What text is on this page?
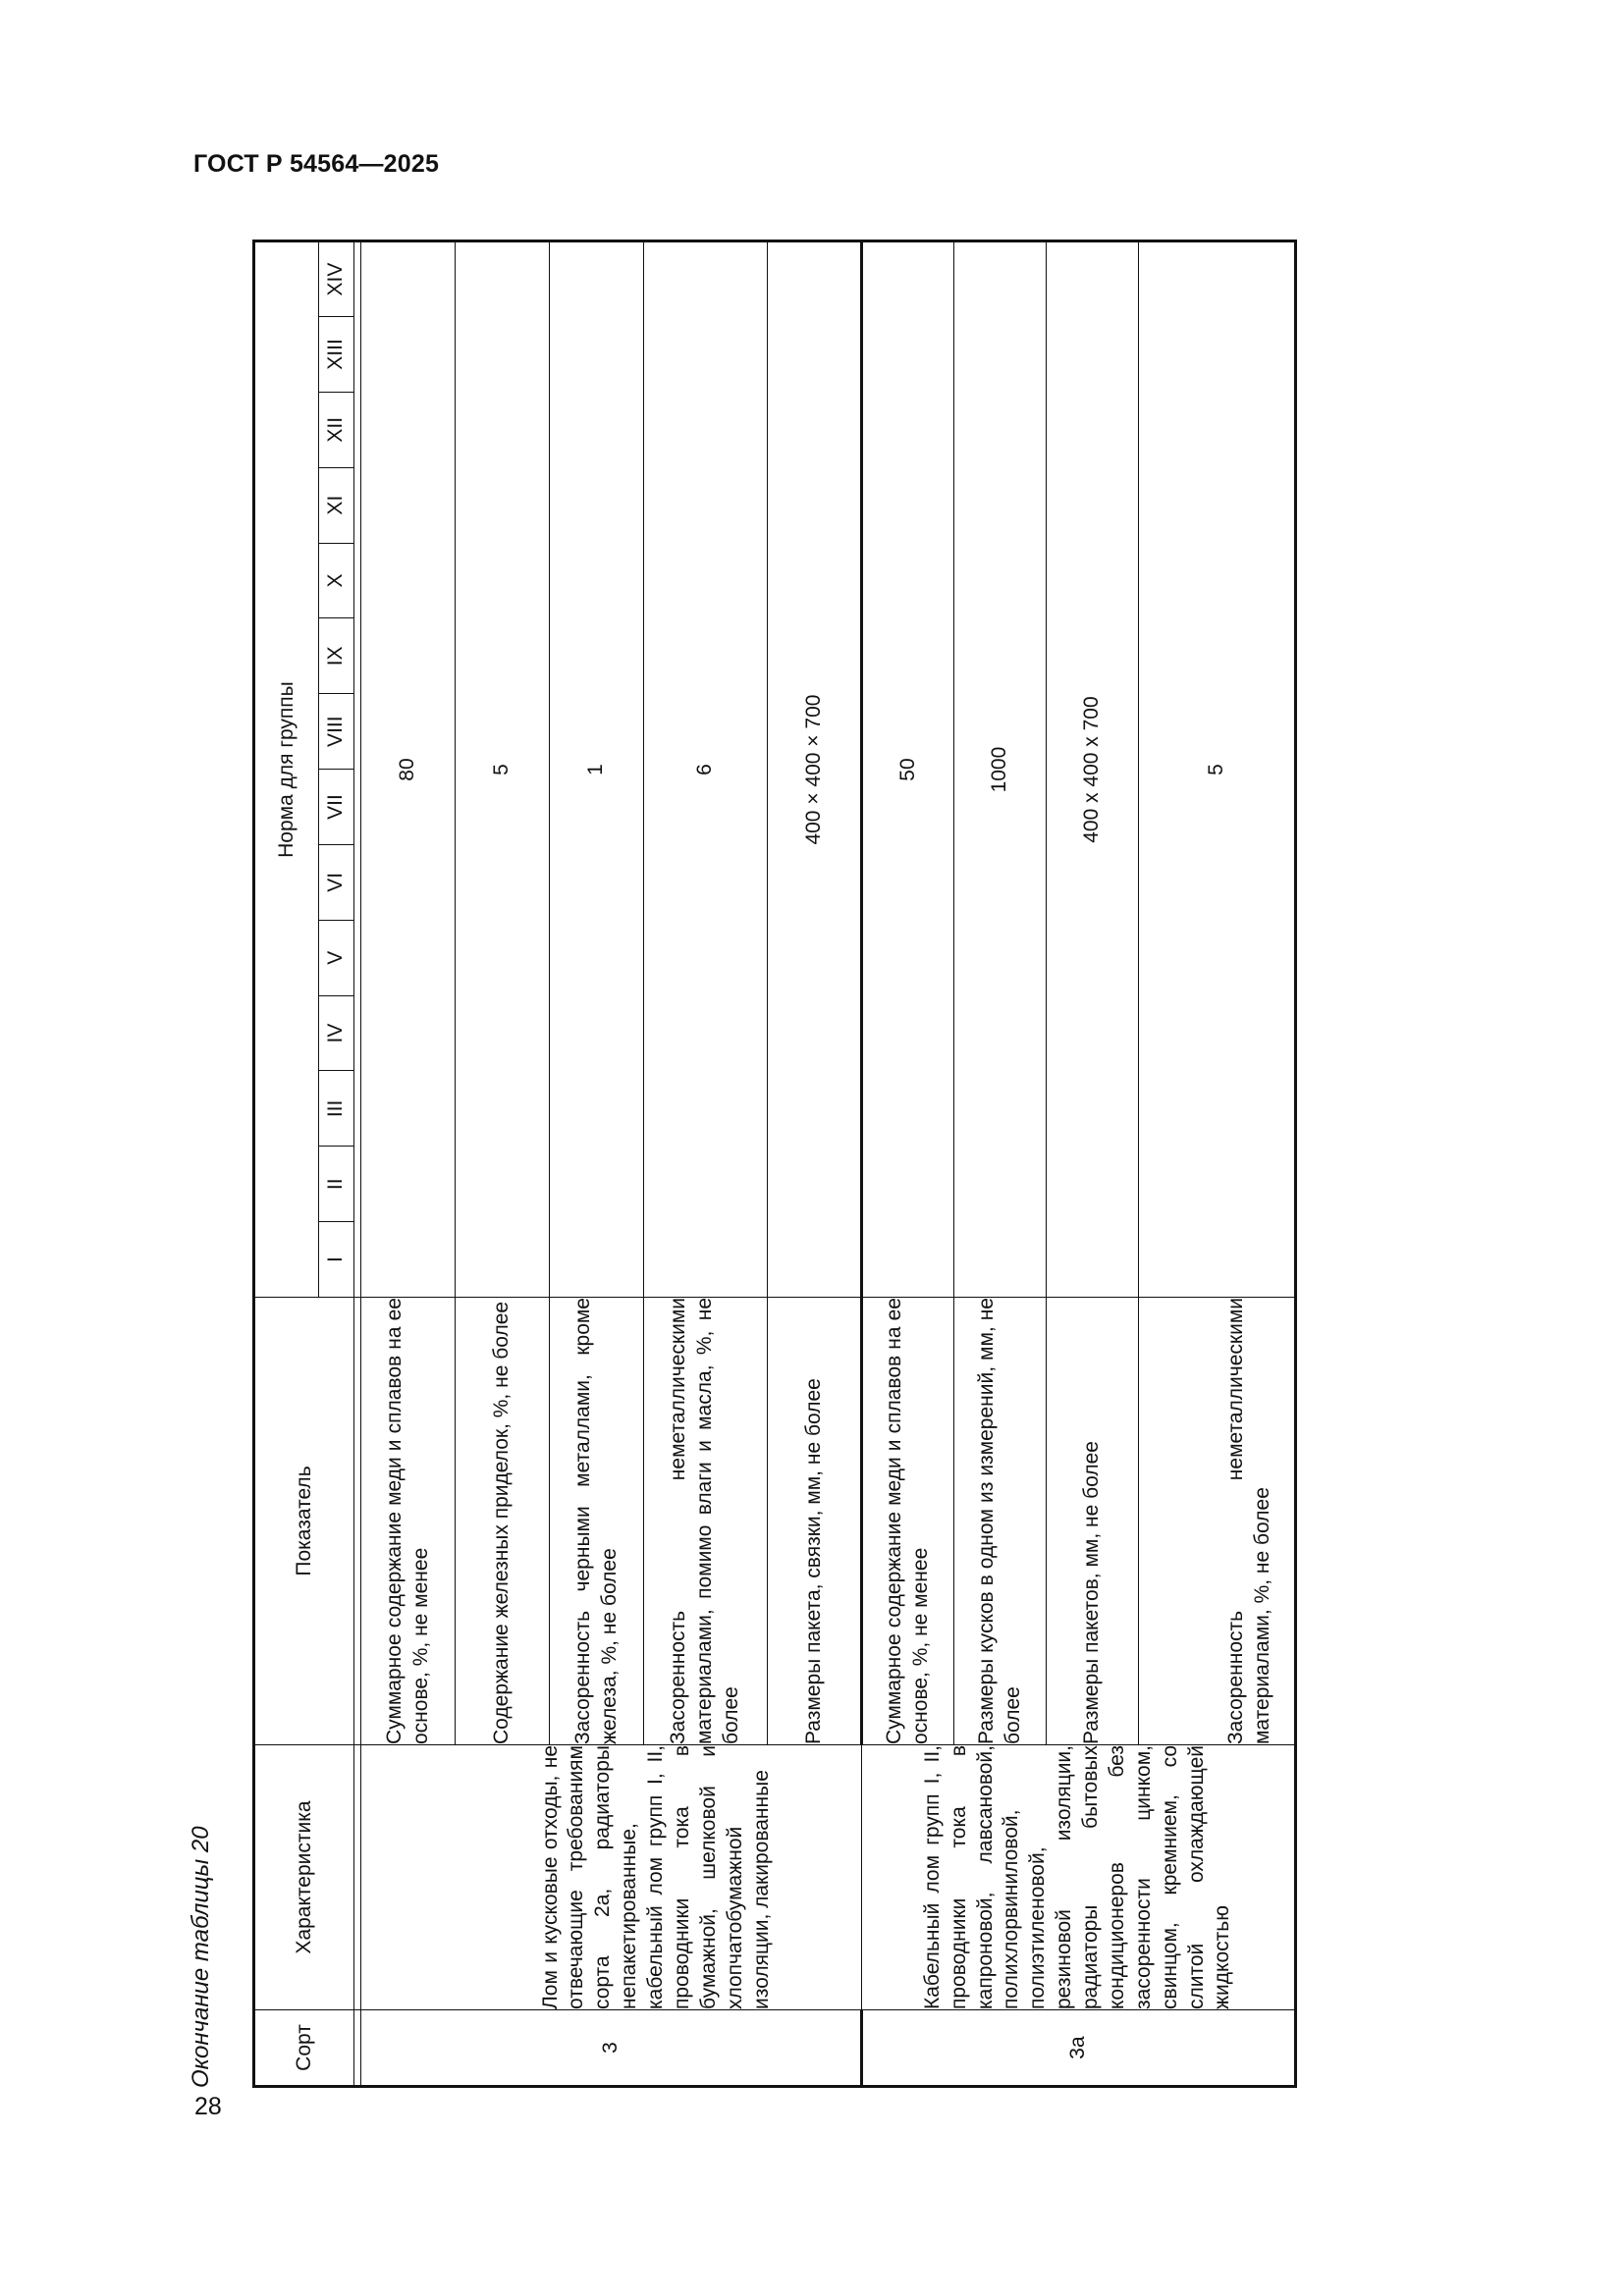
ГОСТ Р 54564—2025
28
Окончание таблицы 20	Сорт	Характеристика	Показатель	Норма для группы													
			I	II	III	IV	V	VI	VII	VIII	IX	X	XI	XII	XIII	XIV

3	Лом и кусковые отходы, не отвечающие требованиям сорта 2а, радиаторы непакетированные, кабельный лом групп I, II, проводники тока в бумажной, шелковой и хлопчатобумажной изоляции, лакированные	Суммарное содержание меди и сплавов на ее основе, %, не менее	80													
		Содержание железных приделок, %, не более	5													
		Засоренность черными металлами, кроме железа, %, не более	1													
		Засоренность неметаллическими материалами, помимо влаги и масла, %, не более	6													
		Размеры пакета, связки, мм, не более	400 × 400 × 700													
3а	Кабельный лом групп I, II, проводники тока в капроновой, лавсановой, полихлорвиниловой, полиэтиленовой, резиновой изоляции, радиаторы бытовых кондиционеров без засоренности цинком, свинцом, кремнием, со слитой охлаждающей жидкостью	Суммарное содержание меди и сплавов на ее основе, %, не менее	50													
		Размеры кусков в одном из измерений, мм, не более	1000													
		Размеры пакетов, мм, не более	400 x 400 x 700													
		Засоренность неметаллическими материалами, %, не более	5													
